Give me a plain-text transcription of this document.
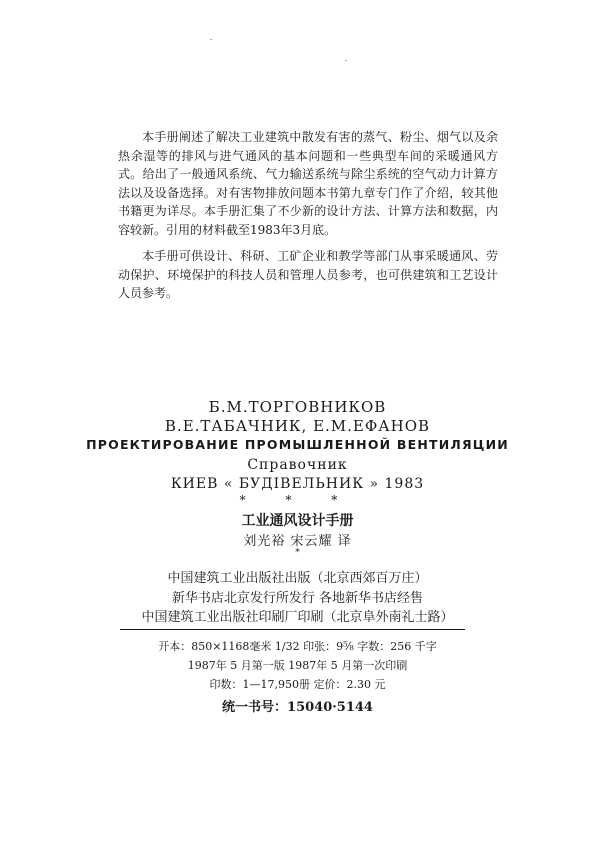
·
·

本手册阐述了解决工业建筑中散发有害的蒸气、粉尘、烟气以及余热余湿等的排风与进气通风的基本问题和一些典型车间的采暖通风方式。给出了一般通风系统、气力输送系统与除尘系统的空气动力计算方法以及设备选择。对有害物排放问题本书第九章专门作了介绍，较其他书籍更为详尽。本手册汇集了不少新的设计方法、计算方法和数据，内容较新。引用的材料截至1983年3月底。

本手册可供设计、科研、工矿企业和教学等部门从事采暖通风、劳动保护、环境保护的科技人员和管理人员参考，也可供建筑和工艺设计人员参考。

Б.М.ТОРГОВНИКОВ
В.Е.ТАБАЧНИК, Е.М.ЕФАНОВ
ПРОЕКТИРОВАНИЕ ПРОМЫШЛЕННОЙ ВЕНТИЛЯЦИИ
Справочник
КИЕВ « БУДІВЕЛЬНИК » 1983
* * *
工业通风设计手册
刘光裕 宋云耀 译
*
中国建筑工业出版社出版（北京西郊百万庄）
新华书店北京发行所发行 各地新华书店经售
中国建筑工业出版社印刷厂印刷（北京阜外南礼士路）
开本：850×1168毫米 1/32 印张：9⅝ 字数：256 千字
1987年 5 月第一版 1987年 5 月第一次印刷
印数：1—17,950册 定价：2.30 元
统一书号：15040·5144
